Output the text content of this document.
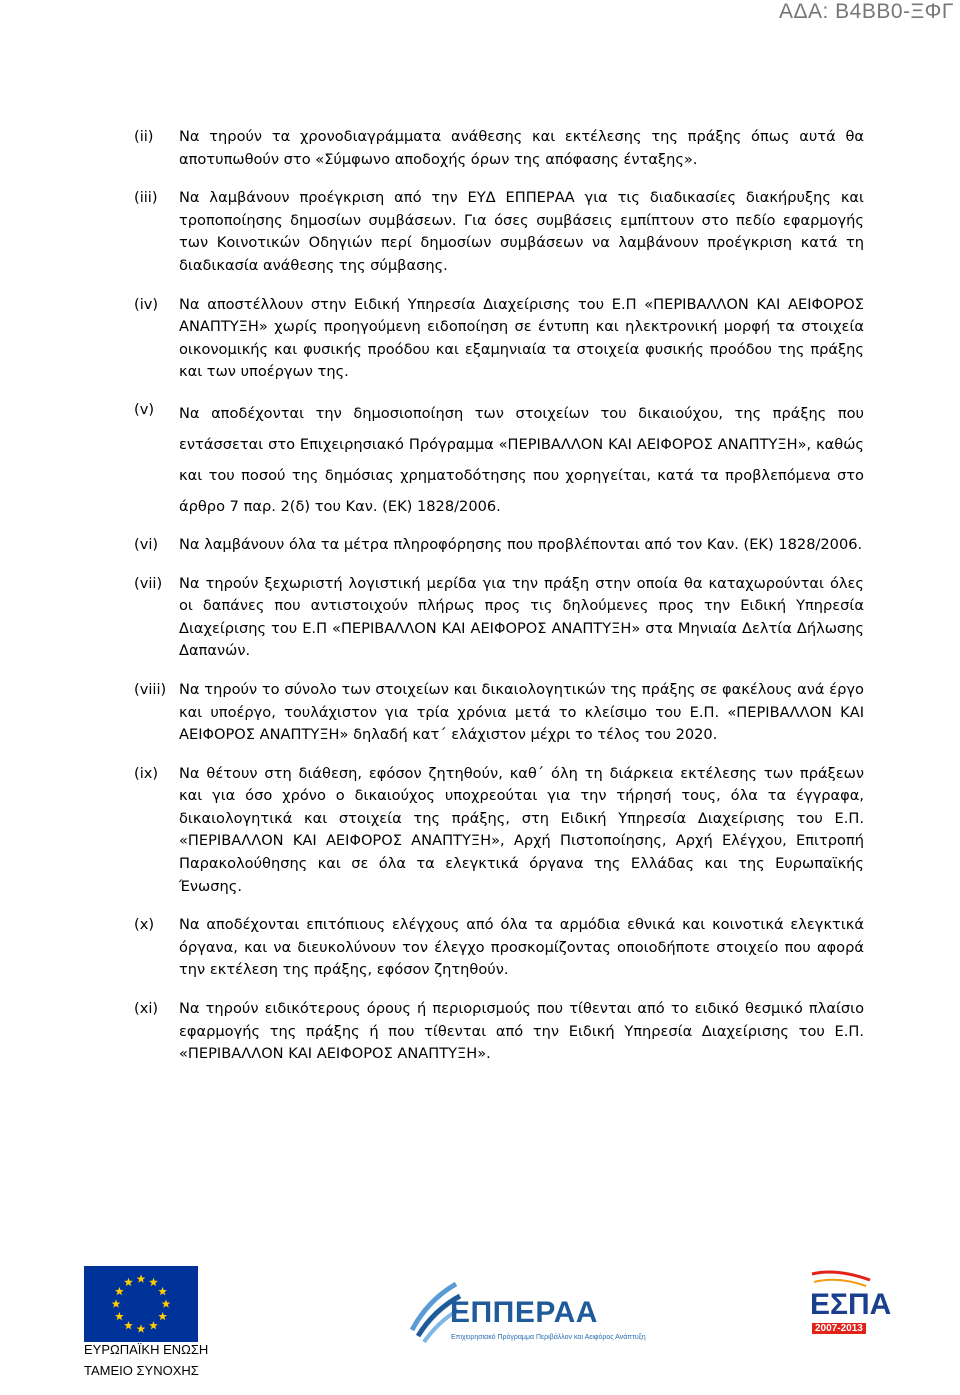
ΑΔΑ: Β4ΒΒ0-ΞΦΓ
(ii)	Να τηρούν τα χρονοδιαγράμματα ανάθεσης και εκτέλεσης της πράξης όπως αυτά θα αποτυπωθούν στο «Σύμφωνο αποδοχής όρων της απόφασης ένταξης».
(iii)	Να λαμβάνουν προέγκριση από την ΕΥΔ ΕΠΠΕΡΑΑ για τις διαδικασίες διακήρυξης και τροποποίησης δημοσίων συμβάσεων. Για όσες συμβάσεις εμπίπτουν στο πεδίο εφαρμογής των Κοινοτικών Οδηγιών περί δημοσίων συμβάσεων να λαμβάνουν προέγκριση κατά τη διαδικασία ανάθεσης της σύμβασης.
(iv)	Να αποστέλλουν στην Ειδική Υπηρεσία Διαχείρισης του Ε.Π «ΠΕΡΙΒΑΛΛΟΝ ΚΑΙ ΑΕΙΦΟΡΟΣ ΑΝΑΠΤΥΞΗ» χωρίς προηγούμενη ειδοποίηση σε έντυπη και ηλεκτρονική μορφή τα στοιχεία οικονομικής και φυσικής προόδου και εξαμηνιαία τα στοιχεία φυσικής προόδου της πράξης και των υποέργων της.
(v)	Να αποδέχονται την δημοσιοποίηση των στοιχείων του δικαιούχου, της πράξης που εντάσσεται στο Επιχειρησιακό Πρόγραμμα «ΠΕΡΙΒΑΛΛΟΝ ΚΑΙ ΑΕΙΦΟΡΟΣ ΑΝΑΠΤΥΞΗ», καθώς και του ποσού της δημόσιας χρηματοδότησης που χορηγείται, κατά τα προβλεπόμενα στο άρθρο 7 παρ. 2(δ) του Καν. (ΕΚ) 1828/2006.
(vi)	Να λαμβάνουν όλα τα μέτρα πληροφόρησης που προβλέπονται από τον Καν. (ΕΚ) 1828/2006.
(vii)	Να τηρούν ξεχωριστή λογιστική μερίδα για την πράξη στην οποία θα καταχωρούνται όλες οι δαπάνες που αντιστοιχούν πλήρως προς τις δηλούμενες προς την Ειδική Υπηρεσία Διαχείρισης του Ε.Π «ΠΕΡΙΒΑΛΛΟΝ ΚΑΙ ΑΕΙΦΟΡΟΣ ΑΝΑΠΤΥΞΗ» στα Μηνιαία Δελτία Δήλωσης Δαπανών.
(viii) Να τηρούν το σύνολο των στοιχείων και δικαιολογητικών της πράξης σε φακέλους ανά έργο και υποέργο, τουλάχιστον για τρία χρόνια μετά το κλείσιμο του Ε.Π. «ΠΕΡΙΒΑΛΛΟΝ ΚΑΙ ΑΕΙΦΟΡΟΣ ΑΝΑΠΤΥΞΗ» δηλαδή κατ΄ ελάχιστον μέχρι το τέλος του 2020.
(ix)	Να θέτουν στη διάθεση, εφόσον ζητηθούν, καθ΄ όλη τη διάρκεια εκτέλεσης των πράξεων και για όσο χρόνο ο δικαιούχος υποχρεούται για την τήρησή τους, όλα τα έγγραφα, δικαιολογητικά και στοιχεία της πράξης, στη Ειδική Υπηρεσία Διαχείρισης του Ε.Π. «ΠΕΡΙΒΑΛΛΟΝ ΚΑΙ ΑΕΙΦΟΡΟΣ ΑΝΑΠΤΥΞΗ», Αρχή Πιστοποίησης, Αρχή Ελέγχου, Επιτροπή Παρακολούθησης και σε όλα τα ελεγκτικά όργανα της Ελλάδας και της Ευρωπαϊκής Ένωσης.
(x)	Να αποδέχονται επιτόπιους ελέγχους από όλα τα αρμόδια εθνικά και κοινοτικά ελεγκτικά όργανα, και να διευκολύνουν τον έλεγχο προσκομίζοντας οποιοδήποτε στοιχείο που αφορά την εκτέλεση της πράξης, εφόσον ζητηθούν.
(xi)	Να τηρούν ειδικότερους όρους ή περιορισμούς που τίθενται από το ειδικό θεσμικό πλαίσιο εφαρμογής της πράξης ή που τίθενται από την Ειδική Υπηρεσία Διαχείρισης του Ε.Π. «ΠΕΡΙΒΑΛΛΟΝ ΚΑΙ ΑΕΙΦΟΡΟΣ ΑΝΑΠΤΥΞΗ».
ΕΥΡΩΠΑΪΚΗ ΕΝΩΣΗ
ΤΑΜΕΙΟ ΣΥΝΟΧΗΣ
ΕΠΠΕΡΑΑ
Επιχειρησιακό Πρόγραμμα Περιβάλλον και Αειφόρος Ανάπτυξη
ΕΣΠΑ
2007-2013
